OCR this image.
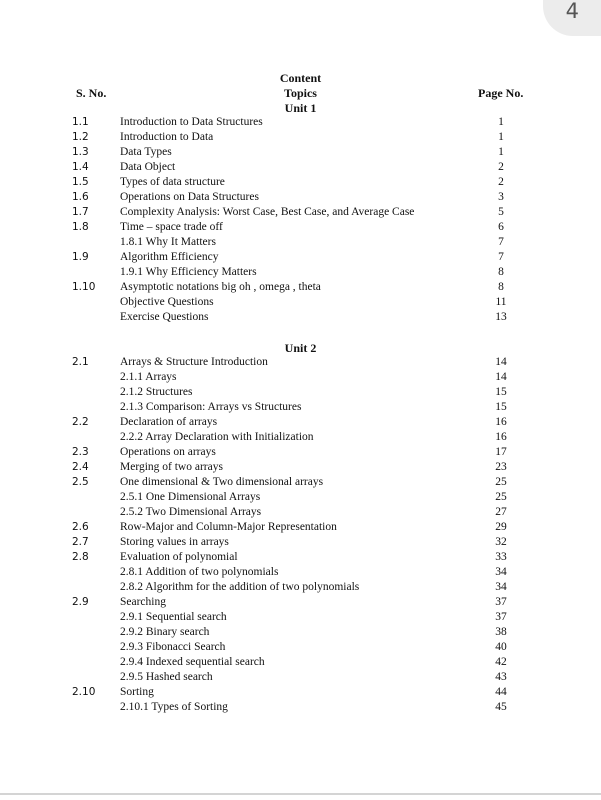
4
Content
S. No.	Topics	Page No.
Unit 1
1.1	Introduction to Data Structures	1
1.2	Introduction to Data	1
1.3	Data Types	1
1.4	Data Object	2
1.5	Types of data structure	2
1.6	Operations on Data Structures	3
1.7	Complexity Analysis: Worst Case, Best Case, and Average Case	5
1.8	Time – space trade off	6
1.8.1 Why It Matters	7
1.9	Algorithm Efficiency	7
1.9.1 Why Efficiency Matters	8
1.10 Asymptotic notations big oh , omega , theta	8
Objective Questions	11
Exercise Questions	13
Unit 2
2.1	Arrays & Structure Introduction	14
2.1.1 Arrays	14
2.1.2 Structures	15
2.1.3 Comparison: Arrays vs Structures	15
2.2	Declaration of arrays	16
2.2.2 Array Declaration with Initialization	16
2.3	Operations on arrays	17
2.4	Merging of two arrays	23
2.5	One dimensional & Two dimensional arrays	25
2.5.1 One Dimensional Arrays	25
2.5.2 Two Dimensional Arrays	27
2.6	Row-Major and Column-Major Representation	29
2.7	Storing values in arrays	32
2.8	Evaluation of polynomial	33
2.8.1 Addition of two polynomials	34
2.8.2 Algorithm for the addition of two polynomials	34
2.9	Searching	37
2.9.1 Sequential search	37
2.9.2 Binary search	38
2.9.3 Fibonacci Search	40
2.9.4 Indexed sequential search	42
2.9.5 Hashed search	43
2.10 Sorting	44
2.10.1 Types of Sorting	45
